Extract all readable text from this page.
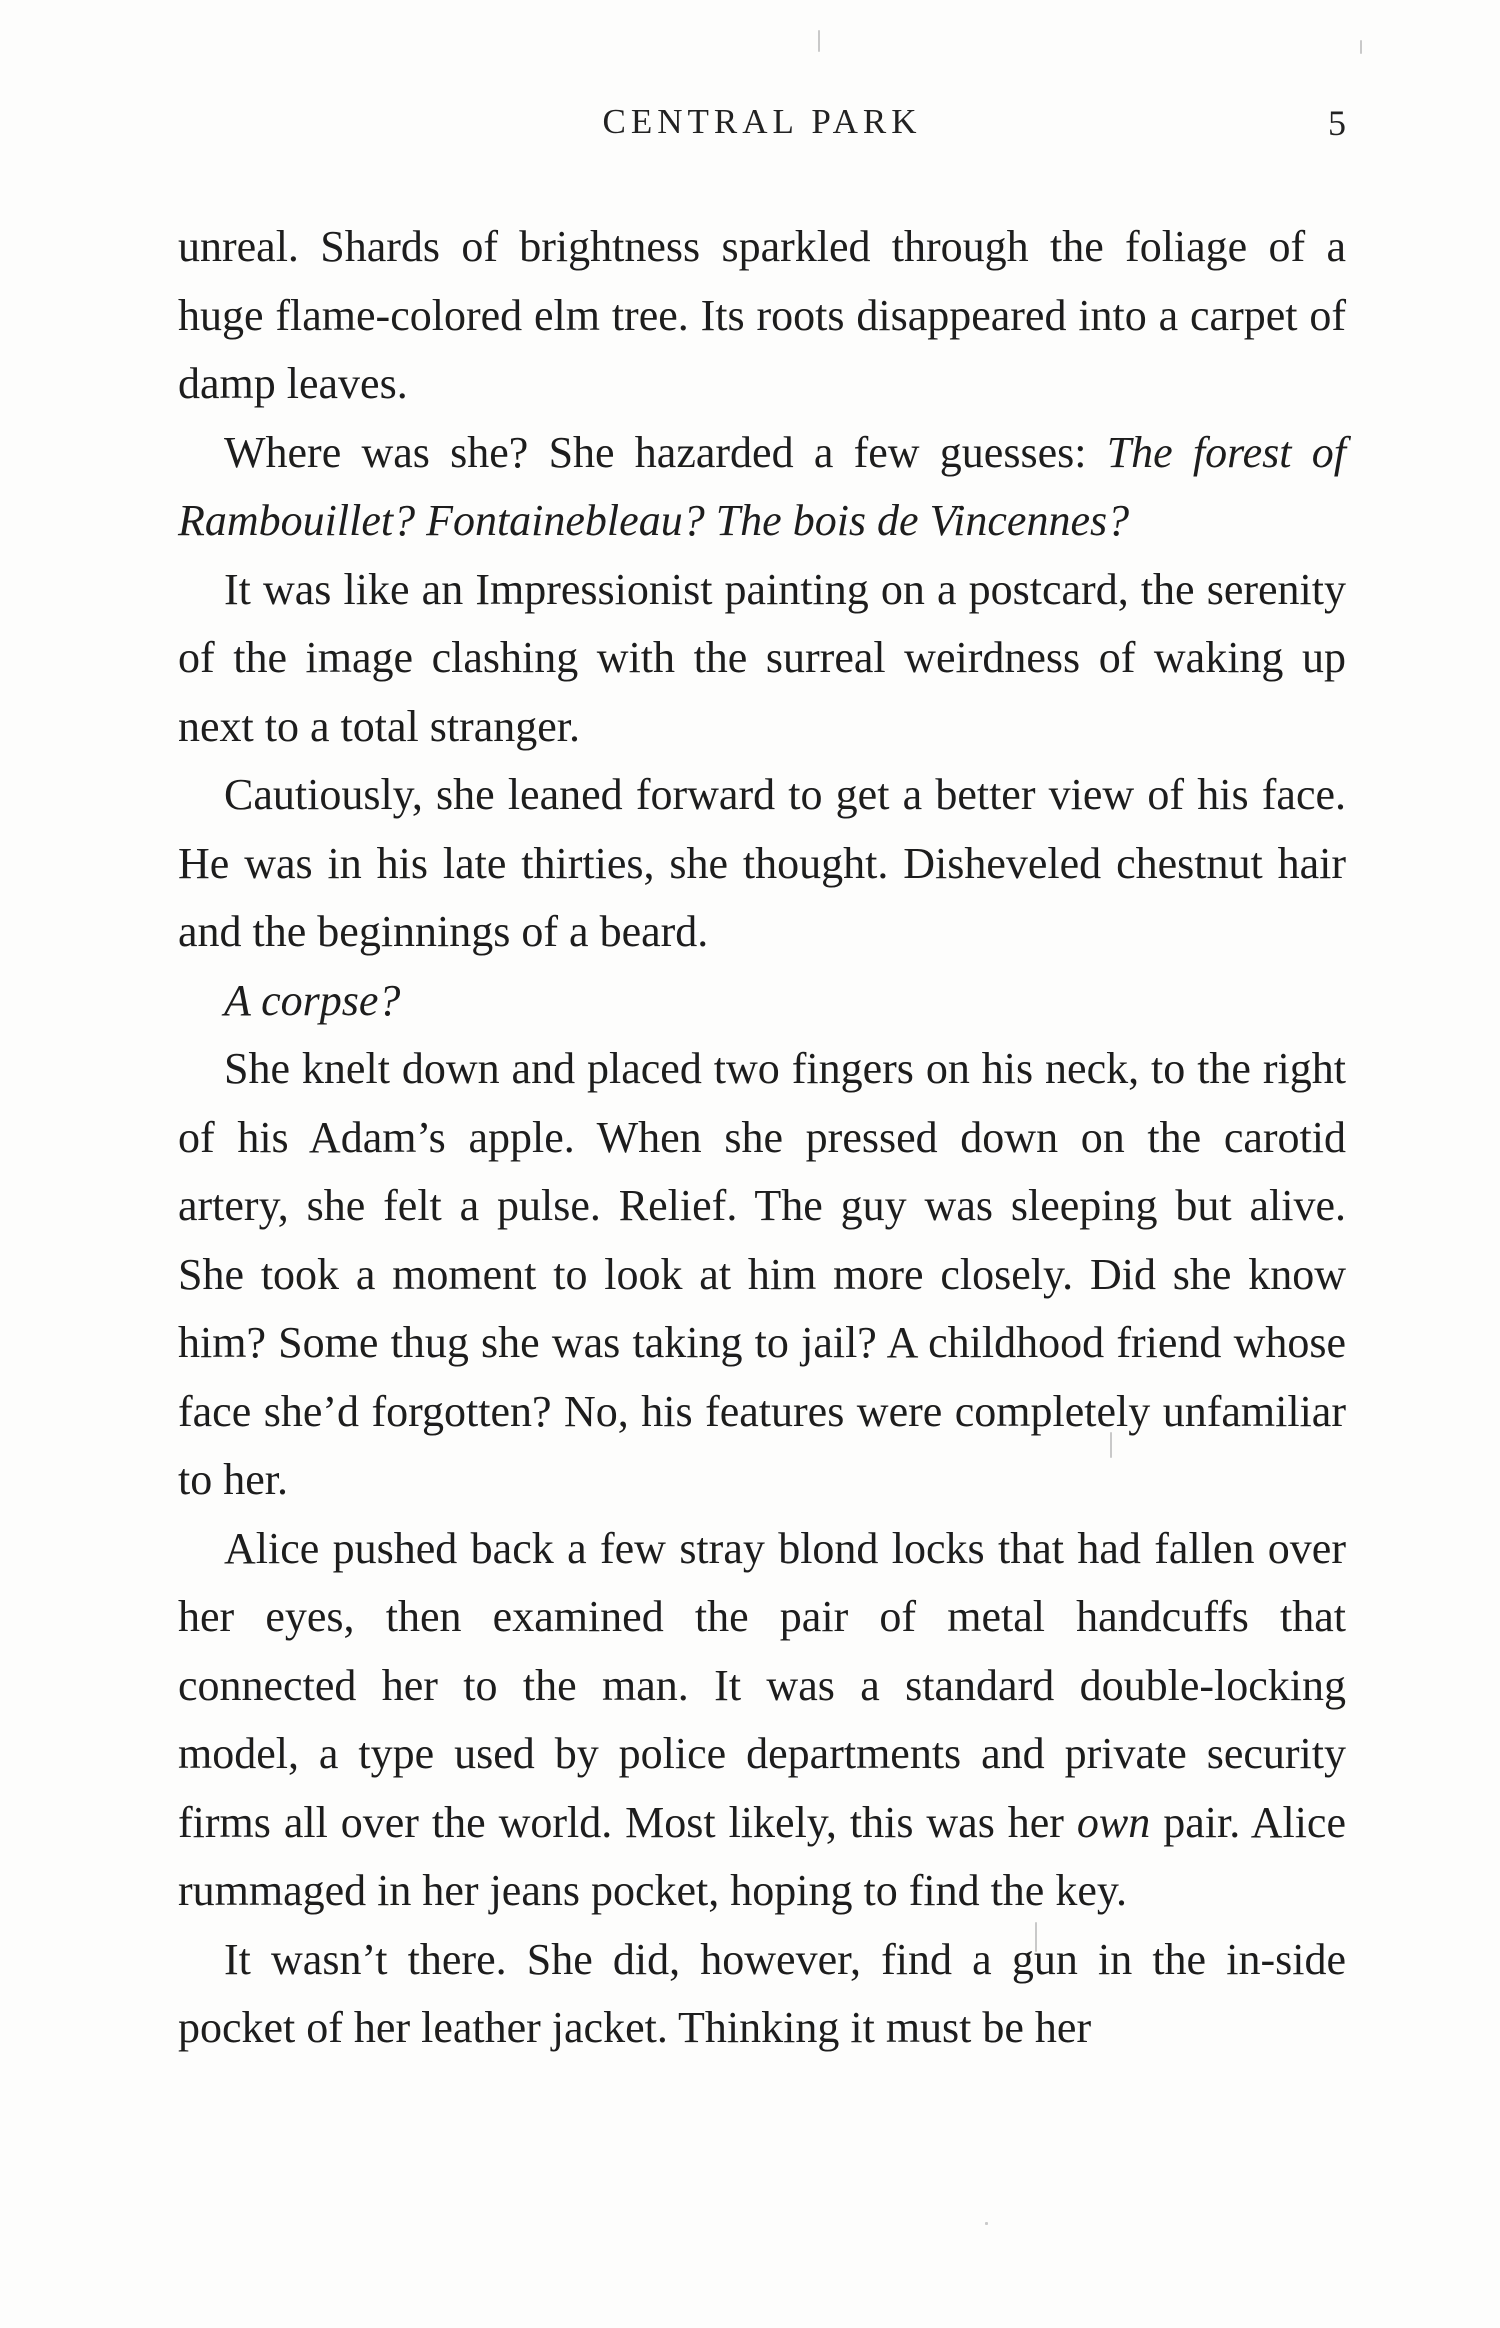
CENTRAL PARK	5

unreal. Shards of brightness sparkled through the foliage of a huge flame-colored elm tree. Its roots disappeared into a carpet of damp leaves.

Where was she? She hazarded a few guesses: The forest of Rambouillet? Fontainebleau? The bois de Vincennes?

It was like an Impressionist painting on a postcard, the serenity of the image clashing with the surreal weirdness of waking up next to a total stranger.

Cautiously, she leaned forward to get a better view of his face. He was in his late thirties, she thought. Disheveled chestnut hair and the beginnings of a beard.

A corpse?

She knelt down and placed two fingers on his neck, to the right of his Adam’s apple. When she pressed down on the carotid artery, she felt a pulse. Relief. The guy was sleeping but alive. She took a moment to look at him more closely. Did she know him? Some thug she was taking to jail? A childhood friend whose face she’d forgotten? No, his features were completely unfamiliar to her.

Alice pushed back a few stray blond locks that had fallen over her eyes, then examined the pair of metal handcuffs that connected her to the man. It was a standard double-locking model, a type used by police departments and private security firms all over the world. Most likely, this was her own pair. Alice rummaged in her jeans pocket, hoping to find the key.

It wasn’t there. She did, however, find a gun in the in-side pocket of her leather jacket. Thinking it must be her
